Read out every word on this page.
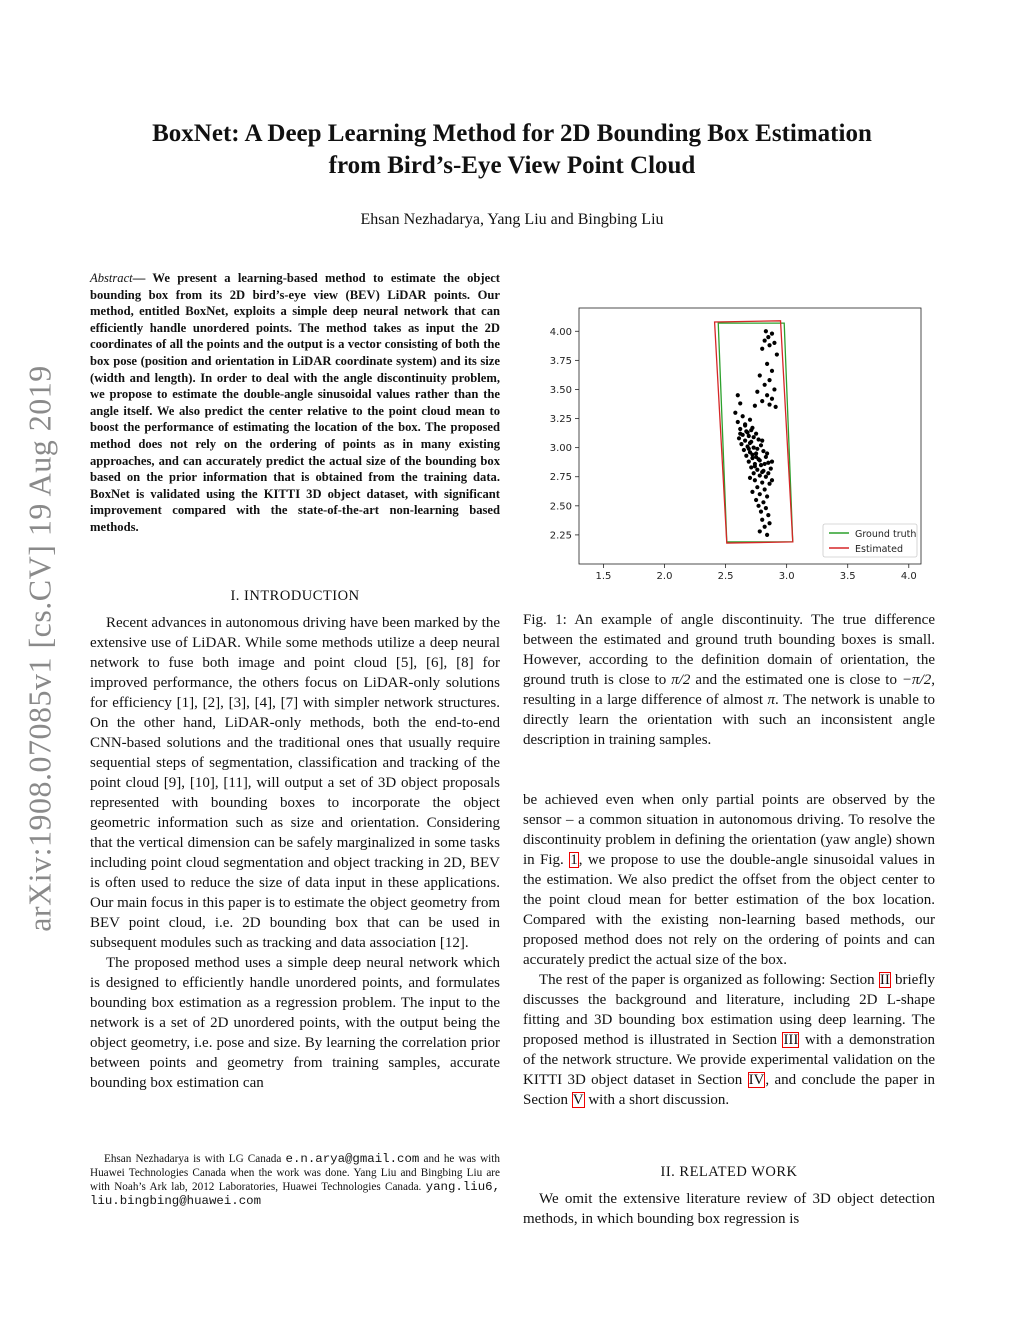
BoxNet: A Deep Learning Method for 2D Bounding Box Estimation
from Bird’s-Eye View Point Cloud
Ehsan Nezhadarya, Yang Liu and Bingbing Liu
arXiv:1908.07085v1 [cs.CV] 19 Aug 2019
Abstract— We present a learning-based method to estimate the object bounding box from its 2D bird’s-eye view (BEV) LiDAR points. Our method, entitled BoxNet, exploits a simple deep neural network that can efficiently handle unordered points. The method takes as input the 2D coordinates of all the points and the output is a vector consisting of both the box pose (position and orientation in LiDAR coordinate system) and its size (width and length). In order to deal with the angle discontinuity problem, we propose to estimate the double-angle sinusoidal values rather than the angle itself. We also predict the center relative to the point cloud mean to boost the performance of estimating the location of the box. The proposed method does not rely on the ordering of points as in many existing approaches, and can accurately predict the actual size of the bounding box based on the prior information that is obtained from the training data. BoxNet is validated using the KITTI 3D object dataset, with significant improvement compared with the state-of-the-art non-learning based methods.
I. INTRODUCTION

Recent advances in autonomous driving have been marked by the extensive use of LiDAR. While some methods utilize a deep neural network to fuse both image and point cloud [5], [6], [8] for improved performance, the others focus on LiDAR-only solutions for efficiency [1], [2], [3], [4], [7] with simpler network structures. On the other hand, LiDAR-only methods, both the end-to-end CNN-based solutions and the traditional ones that usually require sequential steps of segmentation, classification and tracking of the point cloud [9], [10], [11], will output a set of 3D object proposals represented with bounding boxes to incorporate the object geometric information such as size and orientation. Considering that the vertical dimension can be safely marginalized in some tasks including point cloud segmentation and object tracking in 2D, BEV is often used to reduce the size of data input in these applications. Our main focus in this paper is to estimate the object geometry from BEV point cloud, i.e. 2D bounding box that can be used in subsequent modules such as tracking and data association [12].

The proposed method uses a simple deep neural network which is designed to efficiently handle unordered points, and formulates bounding box estimation as a regression problem. The input to the network is a set of 2D unordered points, with the output being the object geometry, i.e. pose and size. By learning the correlation prior between points and geometry from training samples, accurate bounding box estimation can

Ehsan Nezhadarya is with LG Canada e.n.arya@gmail.com and he was with Huawei Technologies Canada when the work was done. Yang Liu and Bingbing Liu are with Noah’s Ark lab, 2012 Laboratories, Huawei Technologies Canada. yang.liu6, liu.bingbing@huawei.com
1.5	2.0	2.5	3.0	3.5	4.0
2.25
2.50
2.75
3.00
3.25
3.50
3.75
4.00
Ground truth
Estimated
Fig. 1: An example of angle discontinuity. The true difference between the estimated and ground truth bounding boxes is small. However, according to the definition domain of orientation, the ground truth is close to π/2 and the estimated one is close to −π/2, resulting in a large difference of almost π. The network is unable to directly learn the orientation with such an inconsistent angle description in training samples.

be achieved even when only partial points are observed by the sensor – a common situation in autonomous driving. To resolve the discontinuity problem in defining the orientation (yaw angle) shown in Fig. 1, we propose to use the double-angle sinusoidal values in the estimation. We also predict the offset from the object center to the point cloud mean for better estimation of the box location. Compared with the existing non-learning based methods, our proposed method does not rely on the ordering of points and can accurately predict the actual size of the box.

The rest of the paper is organized as following: Section II briefly discusses the background and literature, including 2D L-shape fitting and 3D bounding box estimation using deep learning. The proposed method is illustrated in Section III with a demonstration of the network structure. We provide experimental validation on the KITTI 3D object dataset in Section IV, and conclude the paper in Section V with a short discussion.

II. RELATED WORK

We omit the extensive literature review of 3D object detection methods, in which bounding box regression is
